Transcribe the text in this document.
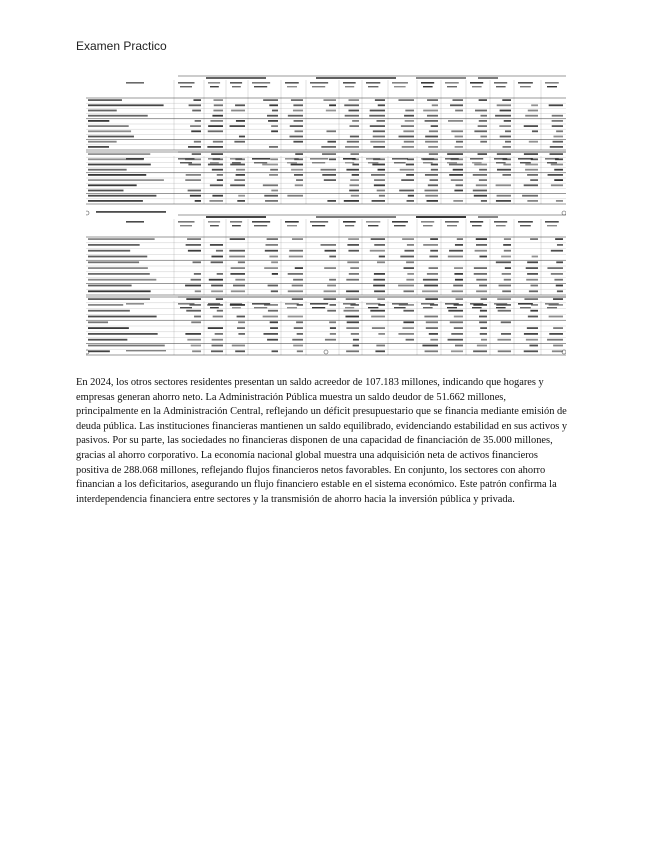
Examen Practico

En 2024, los otros sectores residentes presentan un saldo acreedor de 107.183 millones, indicando que hogares y empresas generan ahorro neto. La Administración Pública muestra un saldo deudor de 51.662 millones, principalmente en la Administración Central, reflejando un déficit presupuestario que se financia mediante emisión de deuda pública. Las instituciones financieras mantienen un saldo equilibrado, evidenciando estabilidad en sus activos y pasivos. Por su parte, las sociedades no financieras disponen de una capacidad de financiación de 35.000 millones, gracias al ahorro corporativo. La economía nacional global muestra una adquisición neta de activos financieros positiva de 288.068 millones, reflejando flujos financieros netos favorables. En conjunto, los sectores con ahorro financian a los deficitarios, asegurando un flujo financiero estable en el sistema económico. Este patrón confirma la interdependencia financiera entre sectores y la transmisión de ahorro hacia la inversión pública y privada.
